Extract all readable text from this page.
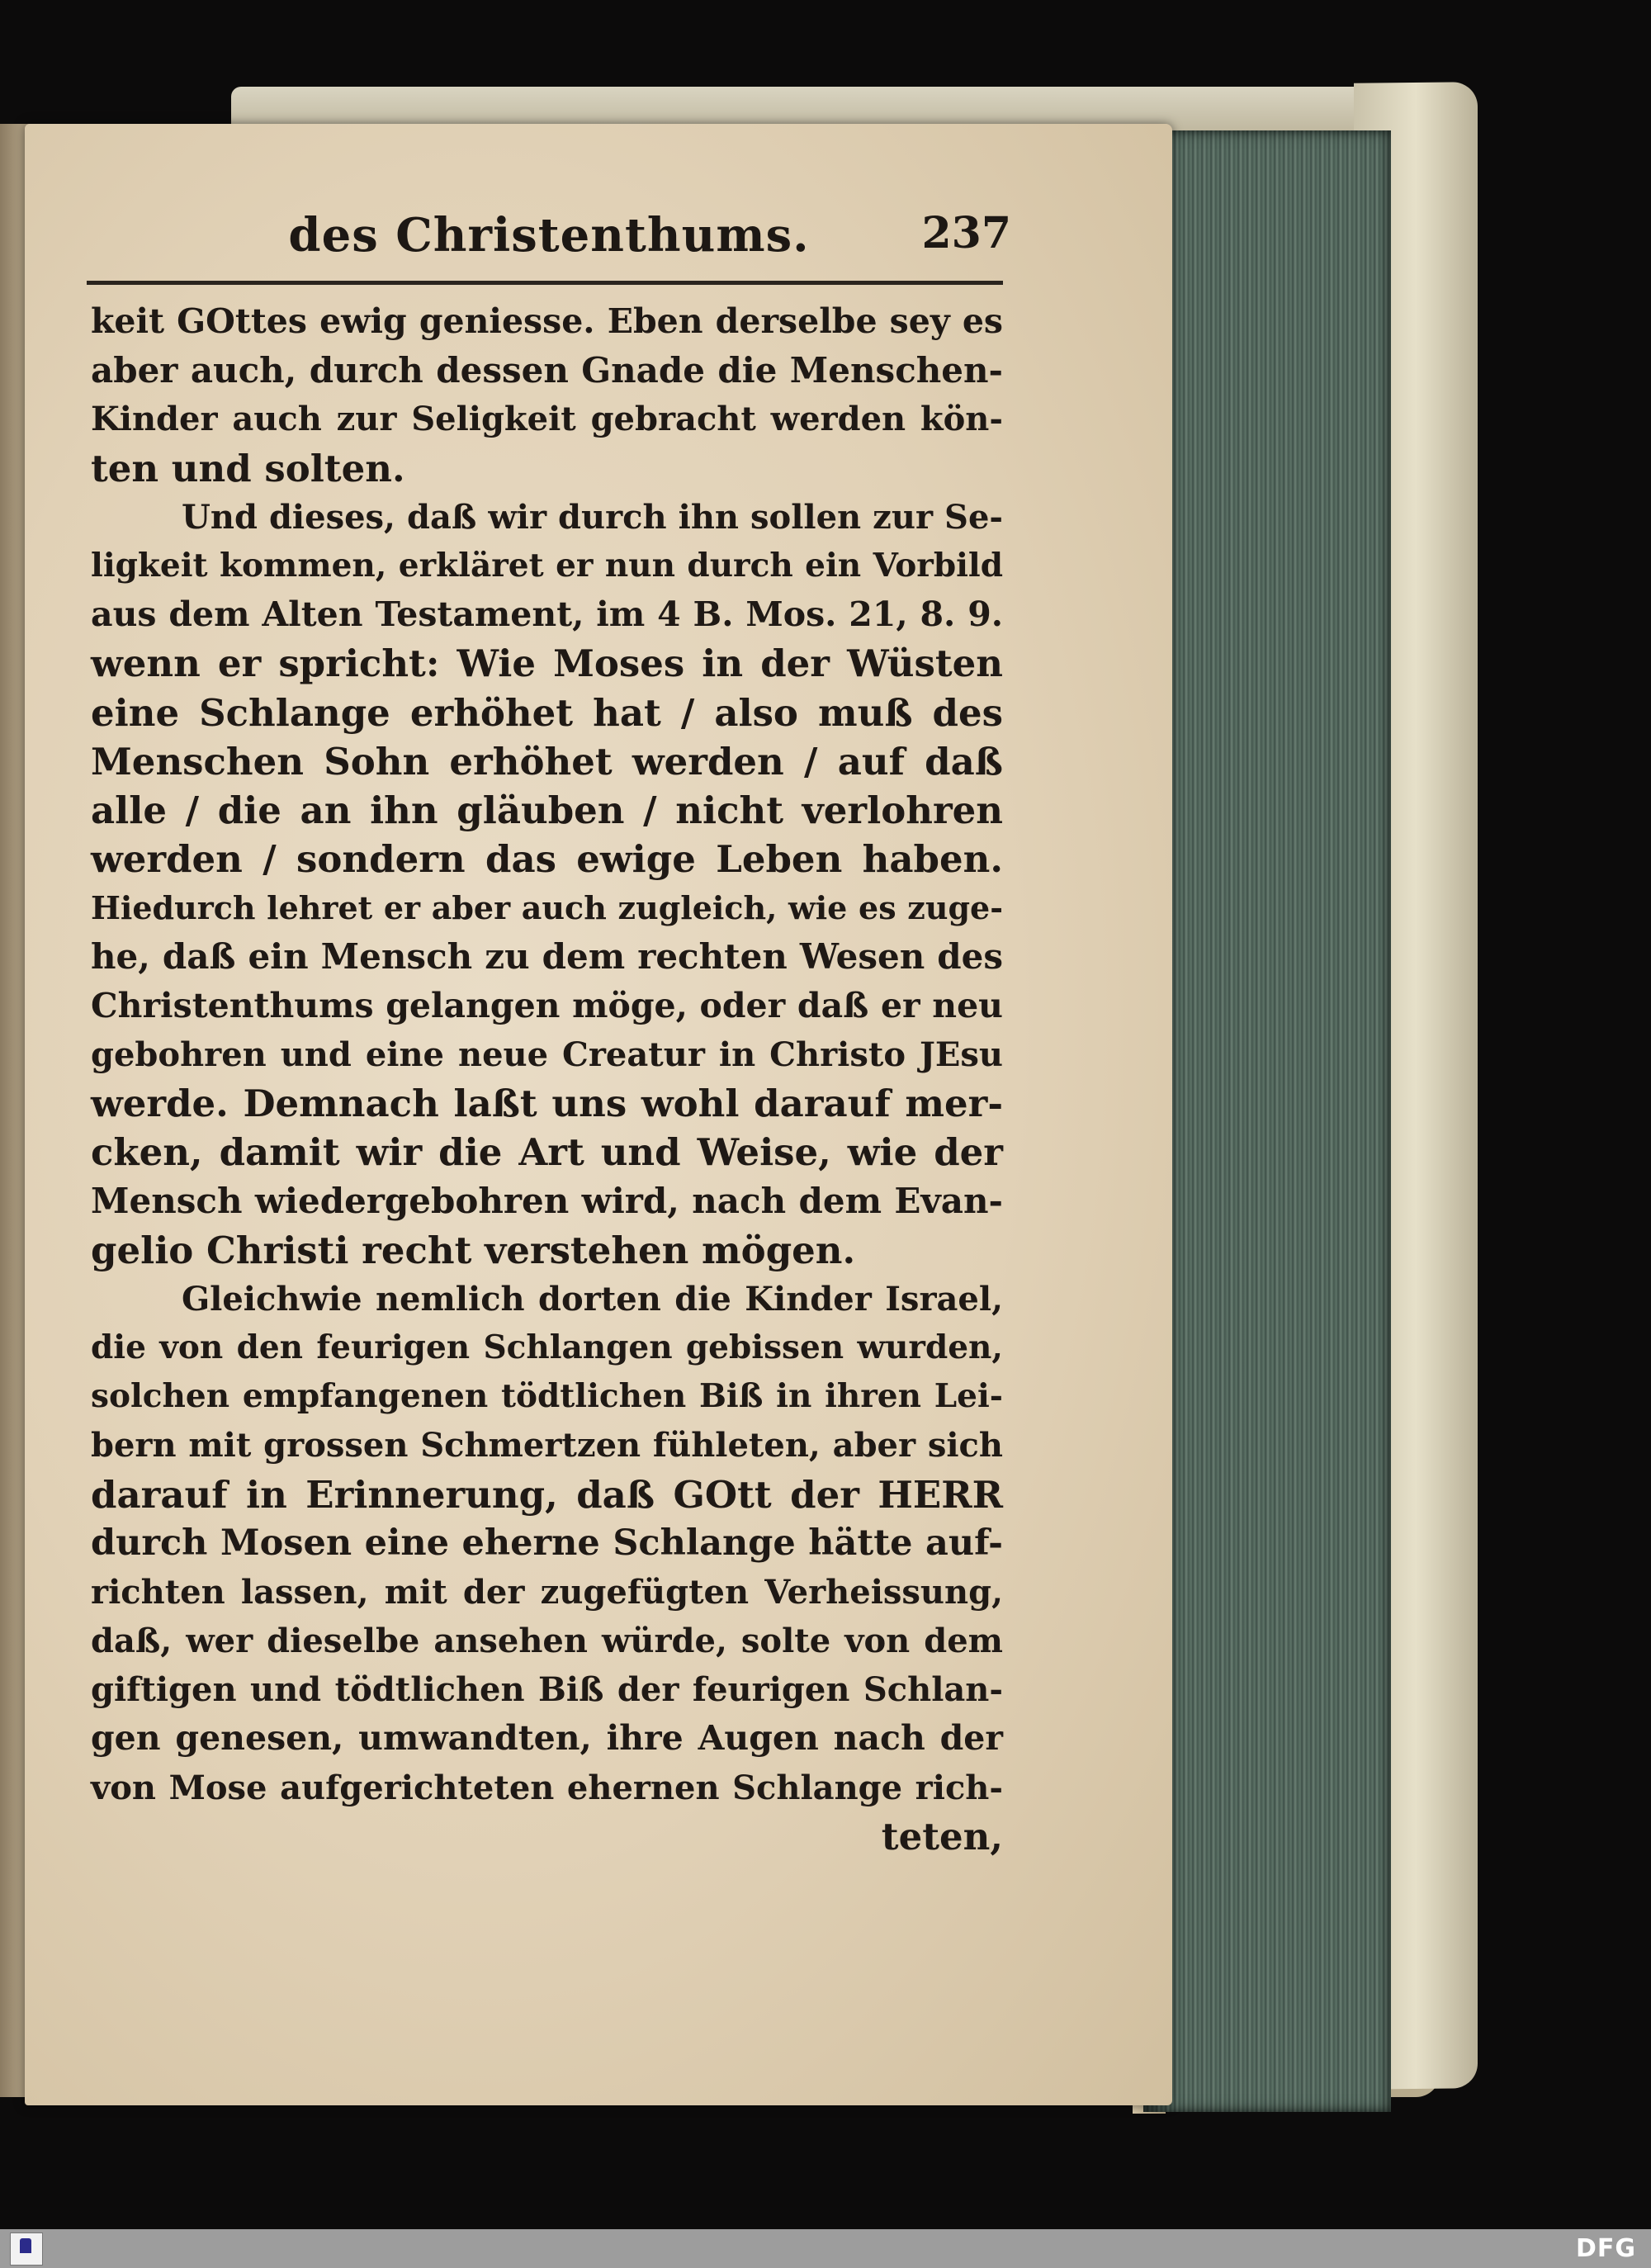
des Christenthums.	237
keit GOttes ewig geniesse. Eben derselbe sey es
aber auch, durch dessen Gnade die Menschen-
Kinder auch zur Seligkeit gebracht werden kön-
ten und solten.
Und dieses, daß wir durch ihn sollen zur Se-
ligkeit kommen, erkläret er nun durch ein Vorbild
aus dem Alten Testament, im 4 B. Mos. 21, 8. 9.
wenn er spricht: Wie Moses in der Wüsten
eine Schlange erhöhet hat / also muß des
Menschen Sohn erhöhet werden / auf daß
alle / die an ihn gläuben / nicht verlohren
werden / sondern das ewige Leben haben.
Hiedurch lehret er aber auch zugleich, wie es zuge-
he, daß ein Mensch zu dem rechten Wesen des
Christenthums gelangen möge, oder daß er neu
gebohren und eine neue Creatur in Christo JEsu
werde. Demnach laßt uns wohl darauf mer-
cken, damit wir die Art und Weise, wie der
Mensch wiedergebohren wird, nach dem Evan-
gelio Christi recht verstehen mögen.
Gleichwie nemlich dorten die Kinder Israel,
die von den feurigen Schlangen gebissen wurden,
solchen empfangenen tödtlichen Biß in ihren Lei-
bern mit grossen Schmertzen fühleten, aber sich
darauf in Erinnerung, daß GOtt der HERR
durch Mosen eine eherne Schlange hätte auf-
richten lassen, mit der zugefügten Verheissung,
daß, wer dieselbe ansehen würde, solte von dem
giftigen und tödtlichen Biß der feurigen Schlan-
gen genesen, umwandten, ihre Augen nach der
von Mose aufgerichteten ehernen Schlange rich-
teten,
DFG
